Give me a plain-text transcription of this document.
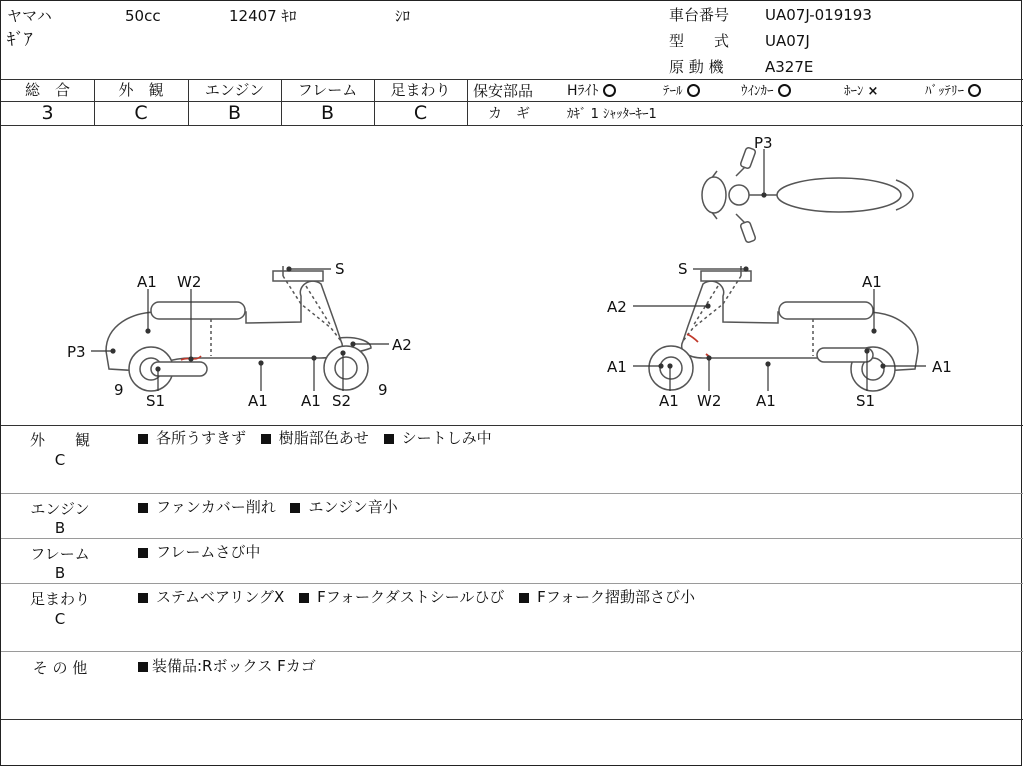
ヤマハ	50cc	12407 ｷﾛ	ｼﾛ
ｷﾞｱ
車台番号 UA07J-019193
型　　式 UA07J
原 動 機	A327E
総　合	外　観	エンジン	フレーム	足まわり
3	C	B	B	C
保安部品 Hﾗｲﾄ	ﾃｰﾙ	ｳｲﾝｶｰ	ﾎｰﾝ ×	ﾊﾞｯﾃﾘｰ
カ　ギ	ｶｷﾞ 1 ｼｬｯﾀｰｷｰ1
A1 W2
S
P3	A2
9
S1	A1 A1 S2
9
P3
S
A1
A2
A1
A1	A1
W2
A1
S1
外　　観
C
各所うすきず 樹脂部色あせ シートしみ中
エンジン
B
ファンカバー削れ エンジン音小
フレーム
B
フレームさび中
足まわり
C
ステムベアリングX Fフォークダストシールひび Fフォーク摺動部さび小
そ の 他	装備品:Rボックス Fカゴ
